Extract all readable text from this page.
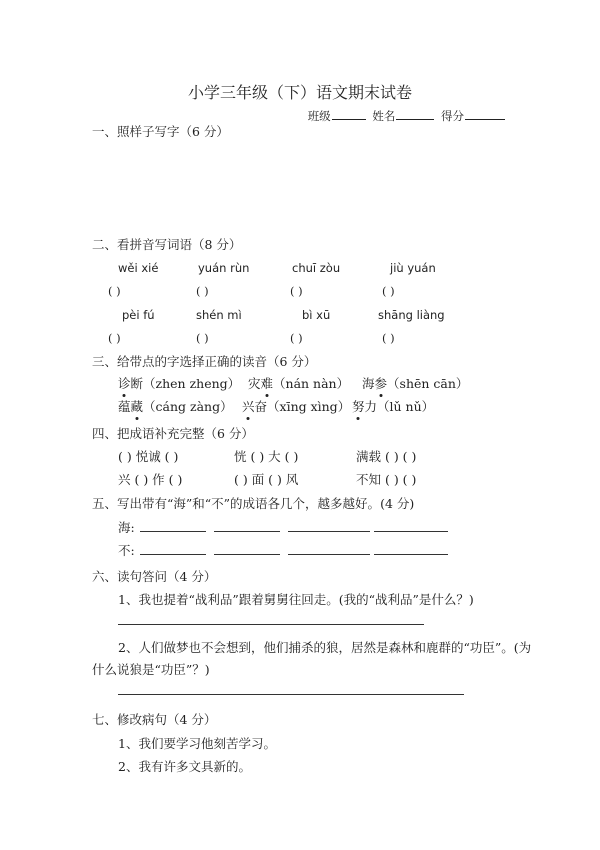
小学三年级（下）语文期末试卷
班级	姓名	得分
一、照样子写字（6 分）
二、看拼音写词语（8 分）
wěi xié	yuán rùn	chuī zòu	jiù yuán
( )	( )	( )	( )
pèi fú	shén mì	bì xū	shāng liàng
( )	( )	( )	( )
三、给带点的字选择正确的读音（6 分）
诊断（zhen zheng） 灾难（nán nàn） 海参（shēn cān）
蕴藏（cáng zàng） 兴奋（xīng xìng） 努力（lǔ nǔ）
四、把成语补充完整（6 分）
( ) 悦诚 ( )	恍 ( ) 大 ( )	满载 ( ) ( )
兴 ( ) 作 ( )	( ) 面 ( ) 风	不知 ( ) ( )
五、写出带有“海”和“不”的成语各几个，越多越好。(4 分)
海:
不:
六、读句答问（4 分）
1、我也提着“战利品”跟着舅舅往回走。(我的“战利品”是什么？)
2、人们做梦也不会想到，他们捕杀的狼，居然是森林和鹿群的“功臣”。(为
什么说狼是“功臣”？)
七、修改病句（4 分）
1、我们要学习他刻苦学习。
2、我有许多文具新的。
